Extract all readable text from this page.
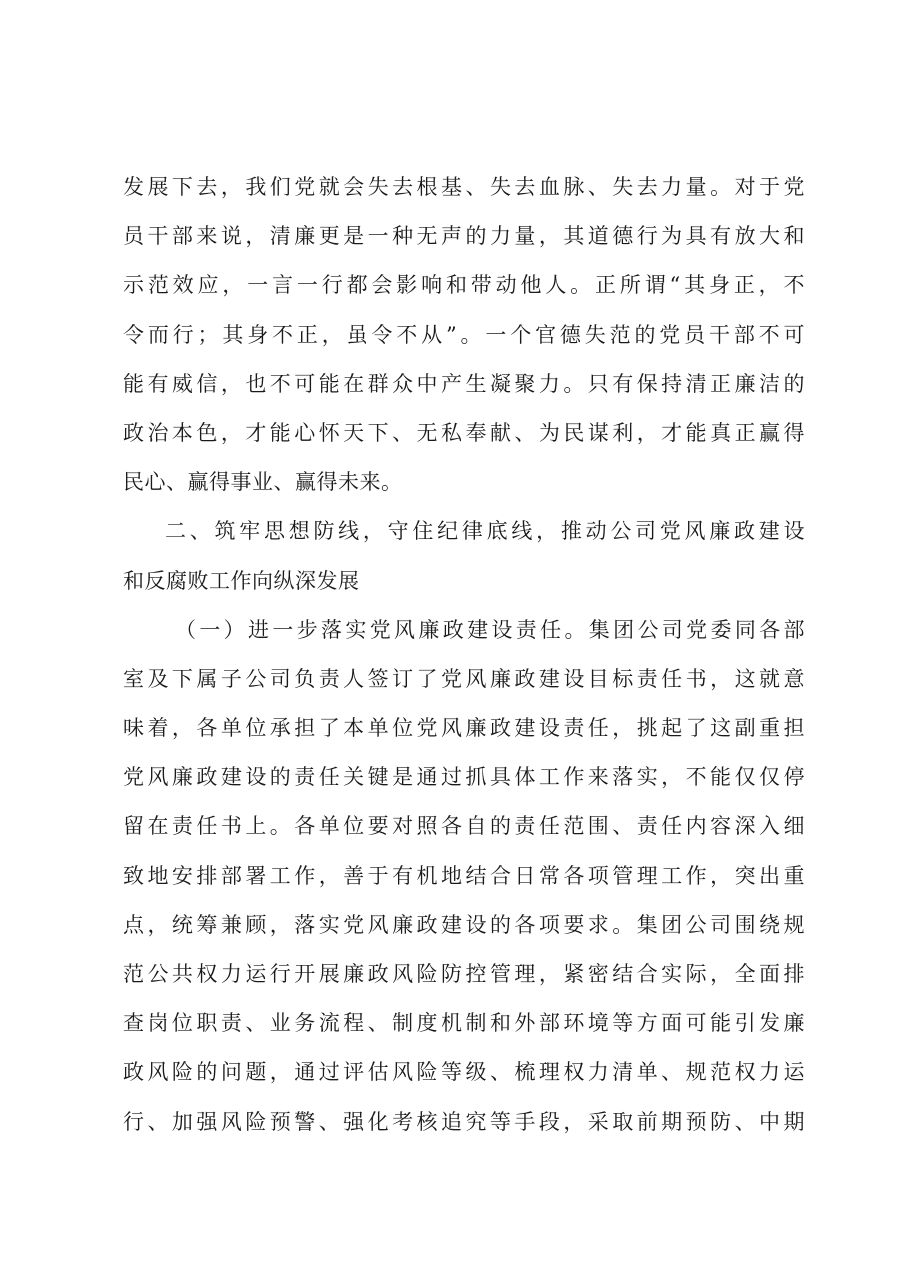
发展下去，我们党就会失去根基、失去血脉、失去力量。对于党
员干部来说，清廉更是一种无声的力量，其道德行为具有放大和
示范效应，一言一行都会影响和带动他人。正所谓“其身正，不
令而行；其身不正，虽令不从”。一个官德失范的党员干部不可
能有威信，也不可能在群众中产生凝聚力。只有保持清正廉洁的
政治本色，才能心怀天下、无私奉献、为民谋利，才能真正赢得
民心、赢得事业、赢得未来。
二、筑牢思想防线，守住纪律底线，推动公司党风廉政建设
和反腐败工作向纵深发展
（一）进一步落实党风廉政建设责任。集团公司党委同各部
室及下属子公司负责人签订了党风廉政建设目标责任书，这就意
味着，各单位承担了本单位党风廉政建设责任，挑起了这副重担
党风廉政建设的责任关键是通过抓具体工作来落实，不能仅仅停
留在责任书上。各单位要对照各自的责任范围、责任内容深入细
致地安排部署工作，善于有机地结合日常各项管理工作，突出重
点，统筹兼顾，落实党风廉政建设的各项要求。集团公司围绕规
范公共权力运行开展廉政风险防控管理，紧密结合实际，全面排
查岗位职责、业务流程、制度机制和外部环境等方面可能引发廉
政风险的问题，通过评估风险等级、梳理权力清单、规范权力运
行、加强风险预警、强化考核追究等手段，采取前期预防、中期
